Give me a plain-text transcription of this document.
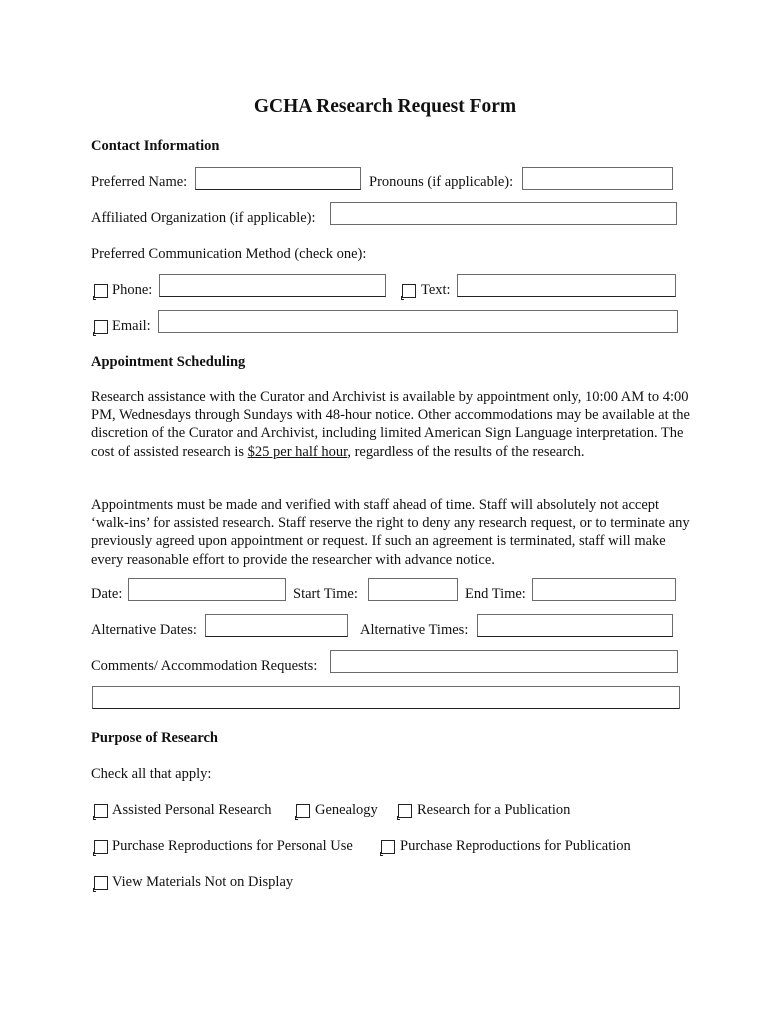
GCHA Research Request Form
Contact Information
Preferred Name:	Pronouns (if applicable):
Affiliated Organization (if applicable):
Preferred Communication Method (check one):
Phone:	Text:
Email:
Appointment Scheduling
Research assistance with the Curator and Archivist is available by appointment only, 10:00 AM to 4:00 PM, Wednesdays through Sundays with 48-hour notice. Other accommodations may be available at the discretion of the Curator and Archivist, including limited American Sign Language interpretation. The cost of assisted research is $25 per half hour, regardless of the results of the research.
Appointments must be made and verified with staff ahead of time. Staff will absolutely not accept ‘walk-ins’ for assisted research. Staff reserve the right to deny any research request, or to terminate any previously agreed upon appointment or request. If such an agreement is terminated, staff will make every reasonable effort to provide the researcher with advance notice.
Date:	Start Time:	End Time:
Alternative Dates:	Alternative Times:
Comments/ Accommodation Requests:
Purpose of Research
Check all that apply:
Assisted Personal Research	Genealogy	Research for a Publication
Purchase Reproductions for Personal Use	Purchase Reproductions for Publication
View Materials Not on Display
